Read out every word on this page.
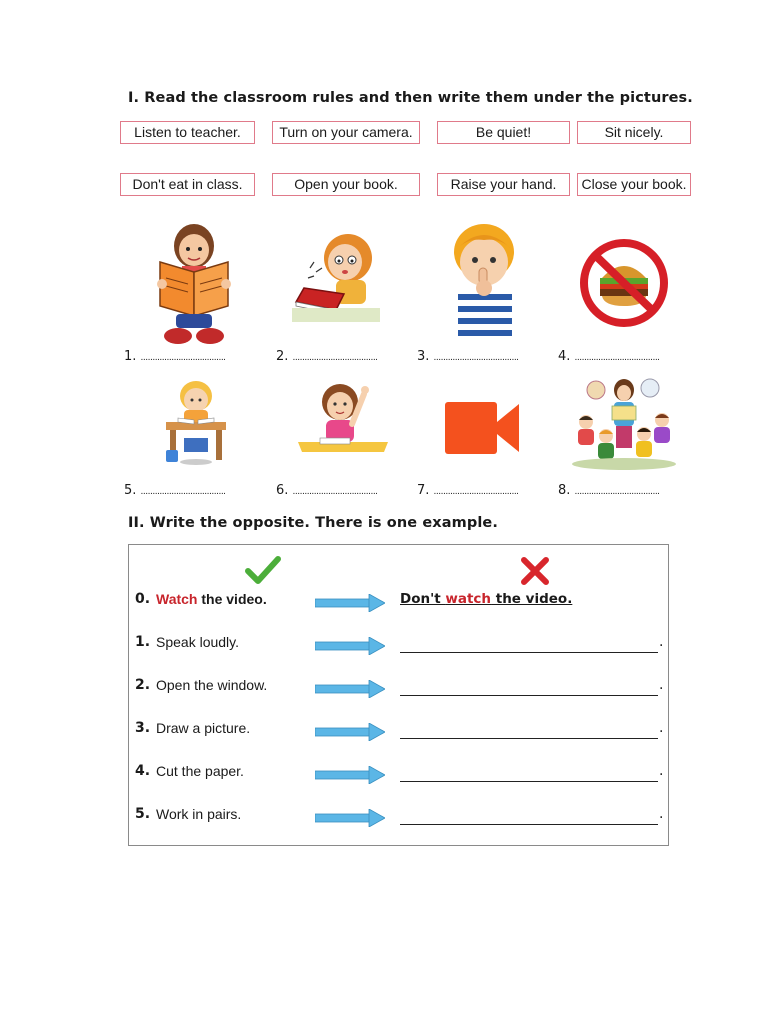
I. Read the classroom rules and then write them under the pictures.
Listen to teacher.	Turn on your camera.	Be quiet!	Sit nicely.
Don't eat in class.	Open your book.	Raise your hand.	Close your book.
1. ....................................	2. ....................................	3. ....................................	4. ....................................
5. ....................................	6. ....................................	7. ....................................	8. ....................................
II. Write the opposite. There is one example.
0. Watch the video.	Don't watch the video.
1. Speak loudly.	.
2. Open the window.	.
3. Draw a picture.	.
4. Cut the paper.	.
5. Work in pairs.	.
